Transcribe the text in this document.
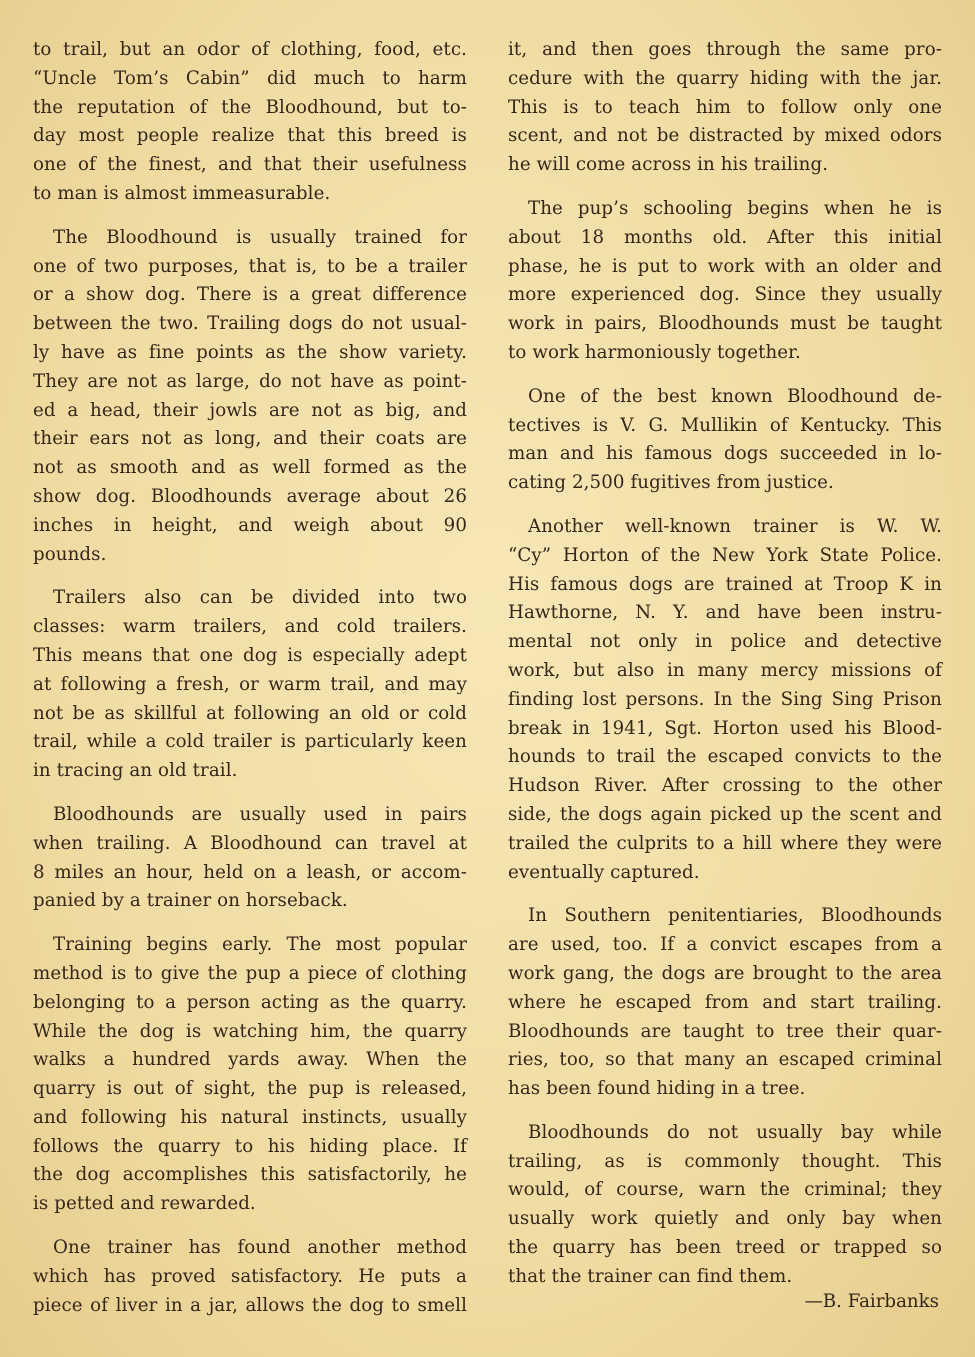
to trail, but an odor of clothing, food, etc.
“Uncle Tom’s Cabin” did much to harm
the reputation of the Bloodhound, but to-
day most people realize that this breed is
one of the finest, and that their usefulness
to man is almost immeasurable.
The Bloodhound is usually trained for
one of two purposes, that is, to be a trailer
or a show dog. There is a great difference
between the two. Trailing dogs do not usual-
ly have as fine points as the show variety.
They are not as large, do not have as point-
ed a head, their jowls are not as big, and
their ears not as long, and their coats are
not as smooth and as well formed as the
show dog. Bloodhounds average about 26
inches in height, and weigh about 90
pounds.
Trailers also can be divided into two
classes: warm trailers, and cold trailers.
This means that one dog is especially adept
at following a fresh, or warm trail, and may
not be as skillful at following an old or cold
trail, while a cold trailer is particularly keen
in tracing an old trail.
Bloodhounds are usually used in pairs
when trailing. A Bloodhound can travel at
8 miles an hour, held on a leash, or accom-
panied by a trainer on horseback.
Training begins early. The most popular
method is to give the pup a piece of clothing
belonging to a person acting as the quarry.
While the dog is watching him, the quarry
walks a hundred yards away. When the
quarry is out of sight, the pup is released,
and following his natural instincts, usually
follows the quarry to his hiding place. If
the dog accomplishes this satisfactorily, he
is petted and rewarded.
One trainer has found another method
which has proved satisfactory. He puts a
piece of liver in a jar, allows the dog to smell
it, and then goes through the same pro-
cedure with the quarry hiding with the jar.
This is to teach him to follow only one
scent, and not be distracted by mixed odors
he will come across in his trailing.
The pup’s schooling begins when he is
about 18 months old. After this initial
phase, he is put to work with an older and
more experienced dog. Since they usually
work in pairs, Bloodhounds must be taught
to work harmoniously together.
One of the best known Bloodhound de-
tectives is V. G. Mullikin of Kentucky. This
man and his famous dogs succeeded in lo-
cating 2,500 fugitives from justice.
Another well-known trainer is W. W.
“Cy” Horton of the New York State Police.
His famous dogs are trained at Troop K in
Hawthorne, N. Y. and have been instru-
mental not only in police and detective
work, but also in many mercy missions of
finding lost persons. In the Sing Sing Prison
break in 1941, Sgt. Horton used his Blood-
hounds to trail the escaped convicts to the
Hudson River. After crossing to the other
side, the dogs again picked up the scent and
trailed the culprits to a hill where they were
eventually captured.
In Southern penitentiaries, Bloodhounds
are used, too. If a convict escapes from a
work gang, the dogs are brought to the area
where he escaped from and start trailing.
Bloodhounds are taught to tree their quar-
ries, too, so that many an escaped criminal
has been found hiding in a tree.
Bloodhounds do not usually bay while
trailing, as is commonly thought. This
would, of course, warn the criminal; they
usually work quietly and only bay when
the quarry has been treed or trapped so
that the trainer can find them.
—B. Fairbanks
